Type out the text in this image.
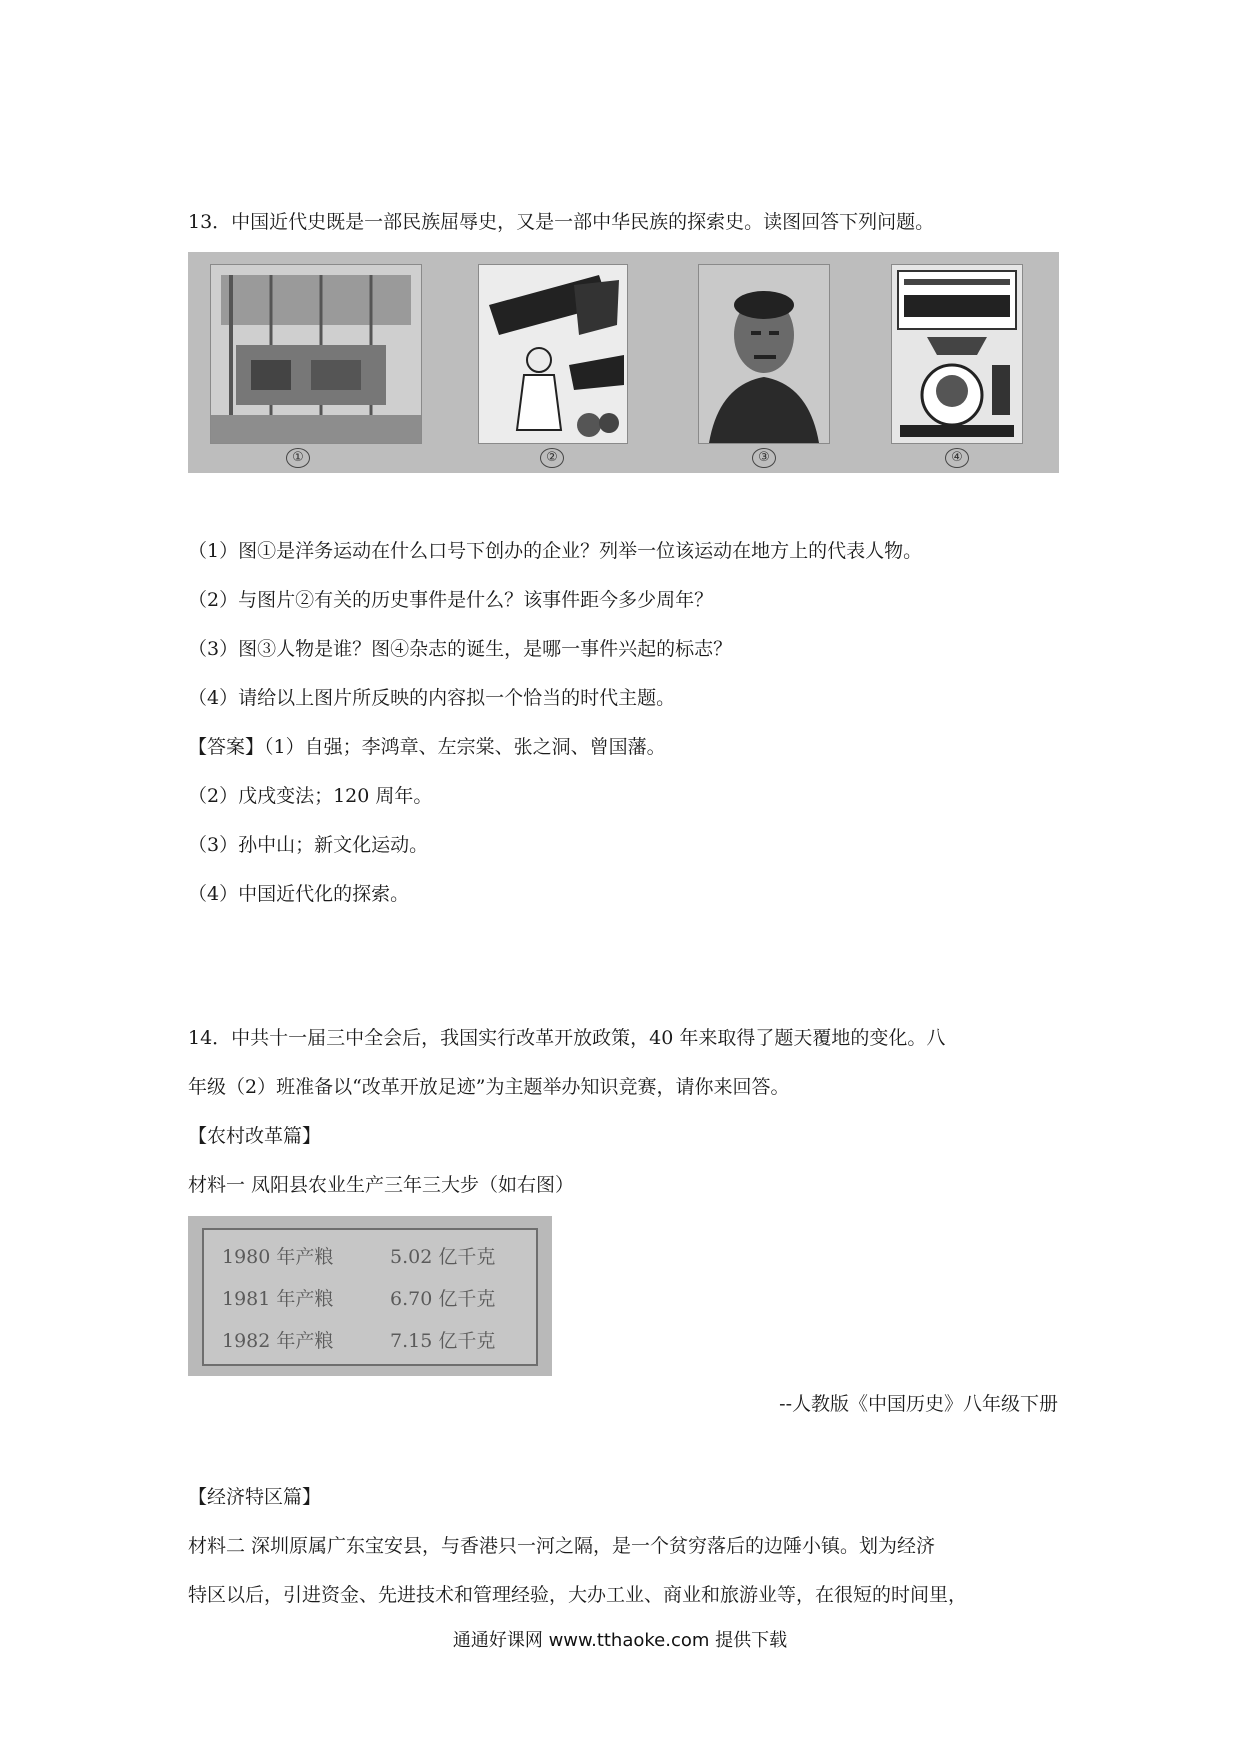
13．中国近代史既是一部民族屈辱史，又是一部中华民族的探索史。读图回答下列问题。
①	②	③	④
（1）图①是洋务运动在什么口号下创办的企业？列举一位该运动在地方上的代表人物。
（2）与图片②有关的历史事件是什么？该事件距今多少周年？
（3）图③人物是谁？图④杂志的诞生，是哪一事件兴起的标志？
（4）请给以上图片所反映的内容拟一个恰当的时代主题。
【答案】（1）自强；李鸿章、左宗棠、张之洞、曾国藩。
（2）戊戌变法；120 周年。
（3）孙中山；新文化运动。
（4）中国近代化的探索。
14．中共十一届三中全会后，我国实行改革开放政策，40 年来取得了题天覆地的变化。八
年级（2）班准备以“改革开放足迹”为主题举办知识竞赛，请你来回答。
【农村改革篇】
材料一 凤阳县农业生产三年三大步（如右图）
1980 年产粮	5.02 亿千克
1981 年产粮	6.70 亿千克
1982 年产粮	7.15 亿千克
--人教版《中国历史》八年级下册
【经济特区篇】
材料二 深圳原属广东宝安县，与香港只一河之隔，是一个贫穷落后的边陲小镇。划为经济
特区以后，引进资金、先进技术和管理经验，大办工业、商业和旅游业等，在很短的时间里，
通通好课网 www.tthaoke.com 提供下载
